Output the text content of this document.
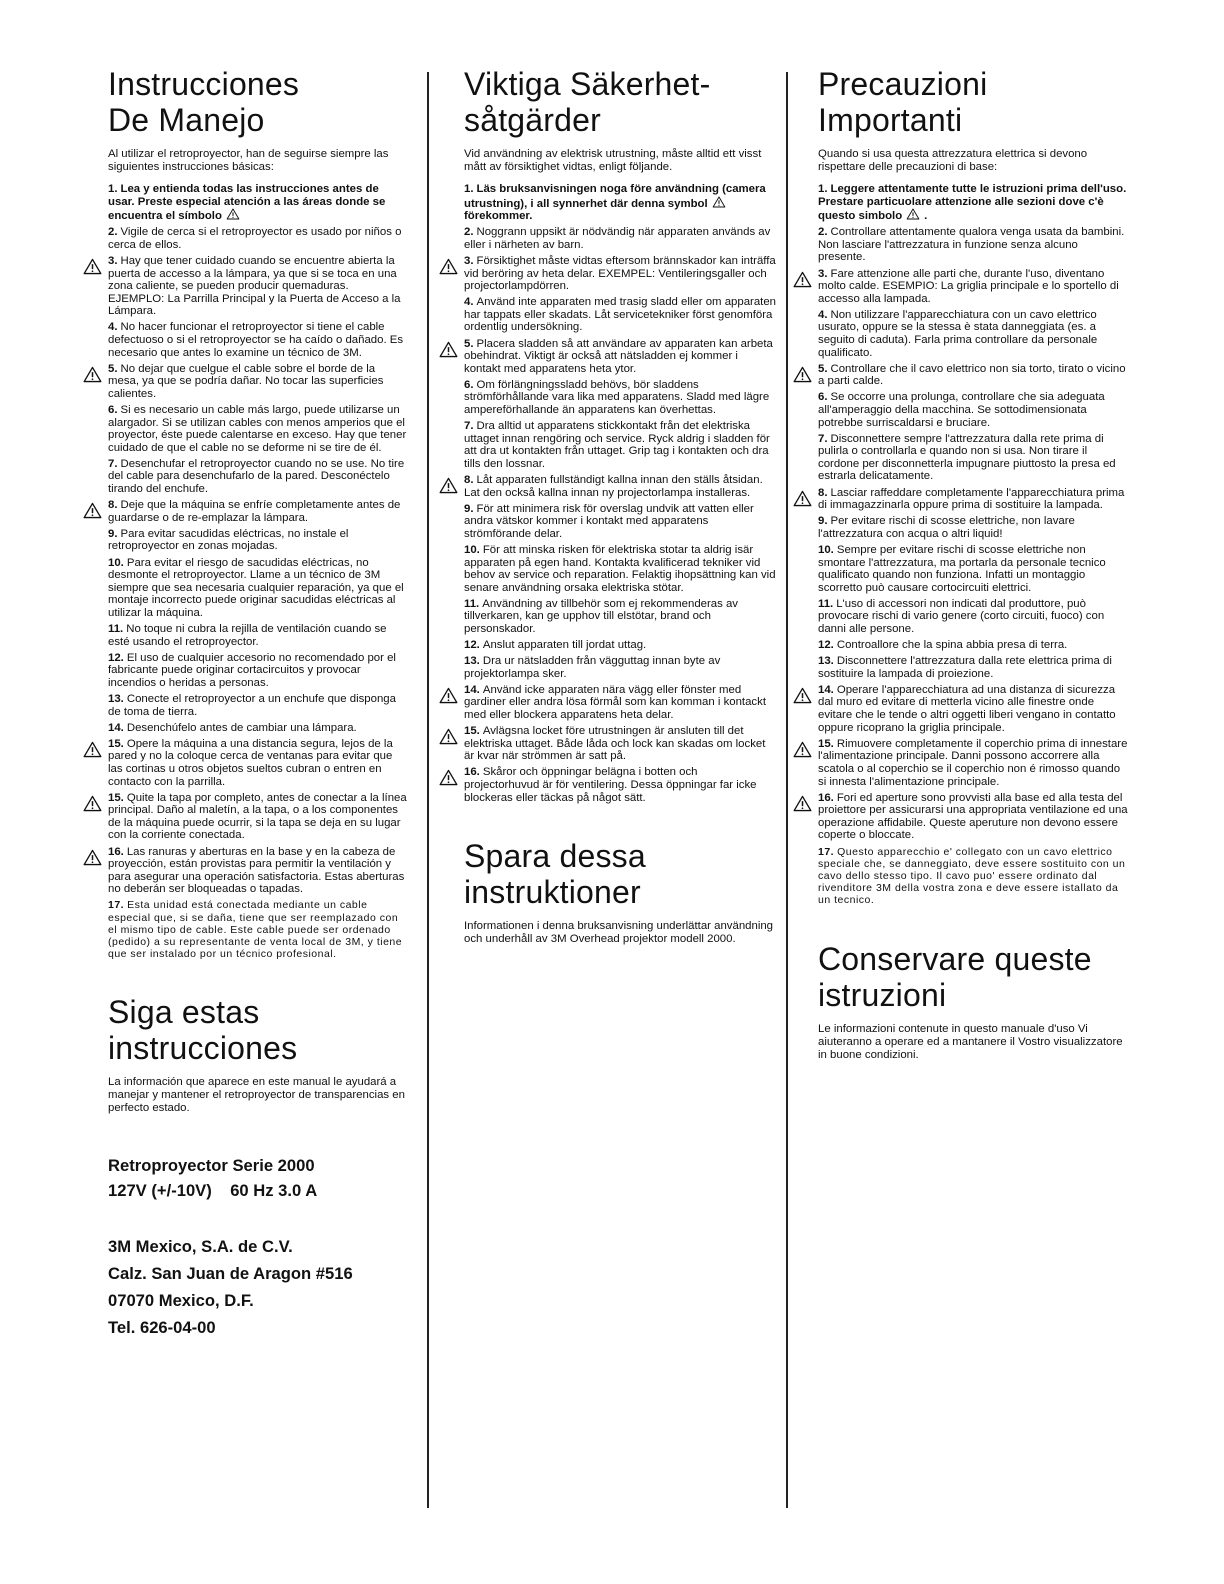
Instrucciones
De Manejo

Al utilizar el retroproyector, han de seguirse siempre las siguientes instrucciones básicas:

1. Lea y entienda todas las instrucciones antes de usar. Preste especial atención a las áreas donde se encuentra el símbolo
2. Vigile de cerca si el retroproyector es usado por niños o cerca de ellos.
3. Hay que tener cuidado cuando se encuentre abierta la puerta de accesso a la lámpara, ya que si se toca en una zona caliente, se pueden producir quemaduras. EJEMPLO: La Parrilla Principal y la Puerta de Acceso a la Lámpara.
4. No hacer funcionar el retroproyector si tiene el cable defectuoso o si el retroproyector se ha caído o dañado. Es necesario que antes lo examine un técnico de 3M.
5. No dejar que cuelgue el cable sobre el borde de la mesa, ya que se podría dañar. No tocar las superficies calientes.
6. Si es necesario un cable más largo, puede utilizarse un alargador. Si se utilizan cables con menos amperios que el proyector, éste puede calentarse en exceso. Hay que tener cuidado de que el cable no se deforme ni se tire de él.
7. Desenchufar el retroproyector cuando no se use. No tire del cable para desenchufarlo de la pared. Desconéctelo tirando del enchufe.
8. Deje que la máquina se enfríe completamente antes de guardarse o de re-emplazar la lámpara.
9. Para evitar sacudidas eléctricas, no instale el retroproyector en zonas mojadas.
10. Para evitar el riesgo de sacudidas eléctricas, no desmonte el retroproyector. Llame a un técnico de 3M siempre que sea necesaria cualquier reparación, ya que el montaje incorrecto puede originar sacudidas eléctricas al utilizar la máquina.
11. No toque ni cubra la rejilla de ventilación cuando se esté usando el retroproyector.
12. El uso de cualquier accesorio no recomendado por el fabricante puede originar cortacircuitos y provocar incendios o heridas a personas.
13. Conecte el retroproyector a un enchufe que disponga de toma de tierra.
14. Desenchúfelo antes de cambiar una lámpara.
15. Opere la máquina a una distancia segura, lejos de la pared y no la coloque cerca de ventanas para evitar que las cortinas u otros objetos sueltos cubran o entren en contacto con la parrilla.
15. Quite la tapa por completo, antes de conectar a la línea principal. Daño al maletín, a la tapa, o a los componentes de la máquina puede ocurrir, si la tapa se deja en su lugar con la corriente conectada.
16. Las ranuras y aberturas en la base y en la cabeza de proyección, están provistas para permitir la ventilación y para asegurar una operación satisfactoria. Estas aberturas no deberán ser bloqueadas o tapadas.
17. Esta unidad está conectada mediante un cable especial que, si se daña, tiene que ser reemplazado con el mismo tipo de cable. Este cable puede ser ordenado (pedido) a su representante de venta local de 3M, y tiene que ser instalado por un técnico profesional.
Siga estas
instrucciones

La información que aparece en este manual le ayudará a manejar y mantener el retroproyector de transparencias en perfecto estado.

Retroproyector Serie 2000
127V (+/-10V)    60 Hz 3.0 A
3M Mexico, S.A. de C.V.
Calz. San Juan de Aragon #516
07070 Mexico, D.F.
Tel. 626-04-00
Viktiga Säkerhet-
såtgärder

Vid användning av elektrisk utrustning, måste alltid ett visst mått av försiktighet vidtas, enligt följande.

1. Läs bruksanvisningen noga före användning (camera utrustning), i all synnerhet där denna symbolförekommer.
2. Noggrann uppsikt är nödvändig när apparaten används av eller i närheten av barn.
3. Försiktighet måste vidtas eftersom brännskador kan inträffa vid beröring av heta delar. EXEMPEL: Ventileringsgaller och projectorlampdörren.
4. Använd inte apparaten med trasig sladd eller om apparaten har tappats eller skadats. Låt servicetekniker först genomföra ordentlig undersökning.
5. Placera sladden så att användare av apparaten kan arbeta obehindrat. Viktigt är också att nätsladden ej kommer i kontakt med apparatens heta ytor.
6. Om förlängningssladd behövs, bör sladdens strömförhållande vara lika med apparatens. Sladd med lägre ampereförhallande än apparatens kan överhettas.
7. Dra alltid ut apparatens stickkontakt från det elektriska uttaget innan rengöring och service. Ryck aldrig i sladden för att dra ut kontakten från uttaget. Grip tag i kontakten och dra tills den lossnar.
8. Låt apparaten fullständigt kallna innan den ställs åtsidan. Lat den också kallna innan ny projectorlampa installeras.
9. För att minimera risk för overslag undvik att vatten eller andra vätskor kommer i kontakt med apparatens strömförande delar.
10. För att minska risken för elektriska stotar ta aldrig isär apparaten på egen hand. Kontakta kvalificerad tekniker vid behov av service och reparation. Felaktig ihopsättning kan vid senare användning orsaka elektriska stötar.
11. Användning av tillbehör som ej rekommenderas av tillverkaren, kan ge upphov till elstötar, brand och personskador.
12. Anslut apparaten till jordat uttag.
13. Dra ur nätsladden från vägguttag innan byte av projektorlampa sker.
14. Använd icke apparaten nära vägg eller fönster med gardiner eller andra lösa förmål som kan komman i kontackt med eller blockera apparatens heta delar.
15. Avlägsna locket före utrustningen är ansluten till det elektriska uttaget. Både låda och lock kan skadas om locket är kvar när strömmen är satt på.
16. Skåror och öppningar belägna i botten och projectorhuvud är för ventilering. Dessa öppningar far icke blockeras eller täckas på något sätt.
Spara dessa
instruktioner

Informationen i denna bruksanvisning underlättar användning och underhåll av 3M Overhead projektor modell 2000.

Precauzioni
Importanti

Quando si usa questa attrezzatura elettrica si devono rispettare delle precauzioni di base:

1. Leggere attentamente tutte le istruzioni prima dell'uso. Prestare particuolare attenzione alle sezioni dove c'è questo simbolo .
2. Controllare attentamente qualora venga usata da bambini. Non lasciare l'attrezzatura in funzione senza alcuno presente.
3. Fare attenzione alle parti che, durante l'uso, diventano molto calde. ESEMPIO: La griglia principale e lo sportello di accesso alla lampada.
4. Non utilizzare l'apparecchiatura con un cavo elettrico usurato, oppure se la stessa è stata danneggiata (es. a seguito di caduta). Farla prima controllare da personale qualificato.
5. Controllare che il cavo elettrico non sia torto, tirato o vicino a parti calde.
6. Se occorre una prolunga, controllare che sia adeguata all'amperaggio della macchina. Se sottodimensionata potrebbe surriscaldarsi e bruciare.
7. Disconnettere sempre l'attrezzatura dalla rete prima di pulirla o controllarla e quando non si usa. Non tirare il cordone per disconnetterla impugnare piuttosto la presa ed estrarla delicatamente.
8. Lasciar raffeddare completamente l'apparecchiatura prima di immagazzinarla oppure prima di sostituire la lampada.
9. Per evitare rischi di scosse elettriche, non lavare l'attrezzatura con acqua o altri liquid!
10. Sempre per evitare rischi di scosse elettriche non smontare l'attrezzatura, ma portarla da personale tecnico qualificato quando non funziona. Infatti un montaggio scorretto può causare cortocircuiti elettrici.
11. L'uso di accessori non indicati dal produttore, può provocare rischi di vario genere (corto circuiti, fuoco) con danni alle persone.
12. Controallore che la spina abbia presa di terra.
13. Disconnettere l'attrezzatura dalla rete elettrica prima di sostituire la lampada di proiezione.
14. Operare l'apparecchiatura ad una distanza di sicurezza dal muro ed evitare di metterla vicino alle finestre onde evitare che le tende o altri oggetti liberi vengano in contatto oppure ricoprano la griglia principale.
15. Rimuovere completamente il coperchio prima di innestare l'alimentazione principale. Danni possono accorrere alla scatola o al coperchio se il coperchio non é rimosso quando si innesta l'alimentazione principale.
16. Fori ed aperture sono provvisti alla base ed alla testa del proiettore per assicurarsi una appropriata ventilazione ed una operazione affidabile. Queste aperuture non devono essere coperte o bloccate.
17. Questo apparecchio e' collegato con un cavo elettrico speciale che, se danneggiato, deve essere sostituito con un cavo dello stesso tipo. Il cavo puo' essere ordinato dal rivenditore 3M della vostra zona e deve essere istallato da un tecnico.
Conservare queste
istruzioni

Le informazioni contenute in questo manuale d'uso Vi aiuteranno a operare ed a mantanere il Vostro visualizzatore in buone condizioni.
